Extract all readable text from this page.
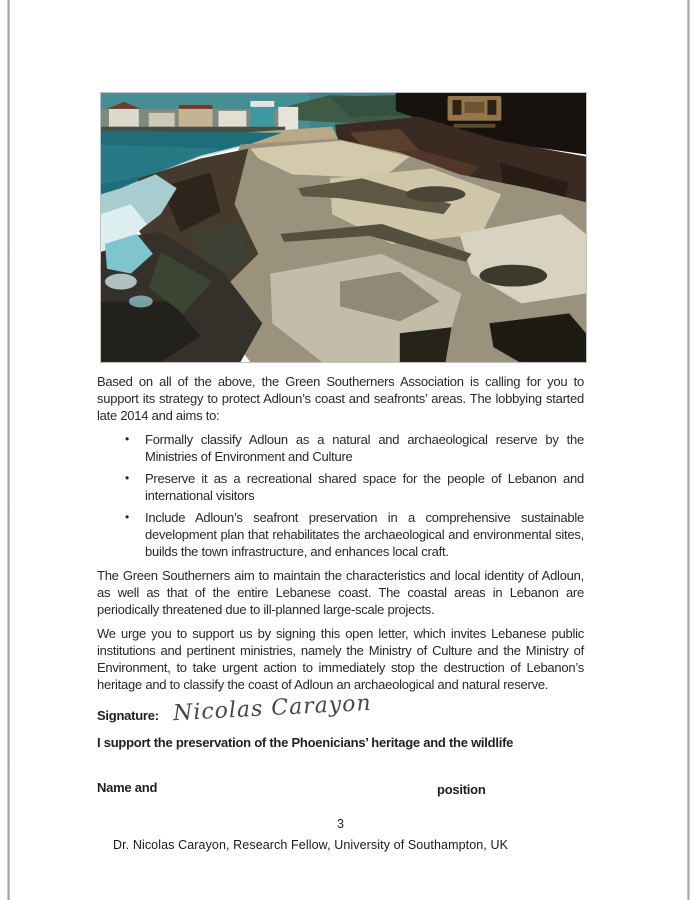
Based on all of the above, the Green Southerners Association is calling for you to support its strategy to protect Adloun’s coast and seafronts’ areas. The lobbying started late 2014 and aims to:

•	Formally classify Adloun as a natural and archaeological reserve by the Ministries of Environment and Culture
•	Preserve it as a recreational shared space for the people of Lebanon and international visitors
•	Include Adloun’s seafront preservation in a comprehensive sustainable development plan that rehabilitates the archaeological and environmental sites, builds the town infrastructure, and enhances local craft.

The Green Southerners aim to maintain the characteristics and local identity of Adloun, as well as that of the entire Lebanese coast. The coastal areas in Lebanon are periodically threatened due to ill-planned large-scale projects.

We urge you to support us by signing this open letter, which invites Lebanese public institutions and pertinent ministries, namely the Ministry of Culture and the Ministry of Environment, to take urgent action to immediately stop the destruction of Lebanon’s heritage and to classify the coast of Adloun an archaeological and natural reserve.

Signature: Nicolas Carayon

I support the preservation of the Phoenicians’ heritage and the wildlife

Name and	position
3
Dr. Nicolas Carayon, Research Fellow, University of Southampton, UK
